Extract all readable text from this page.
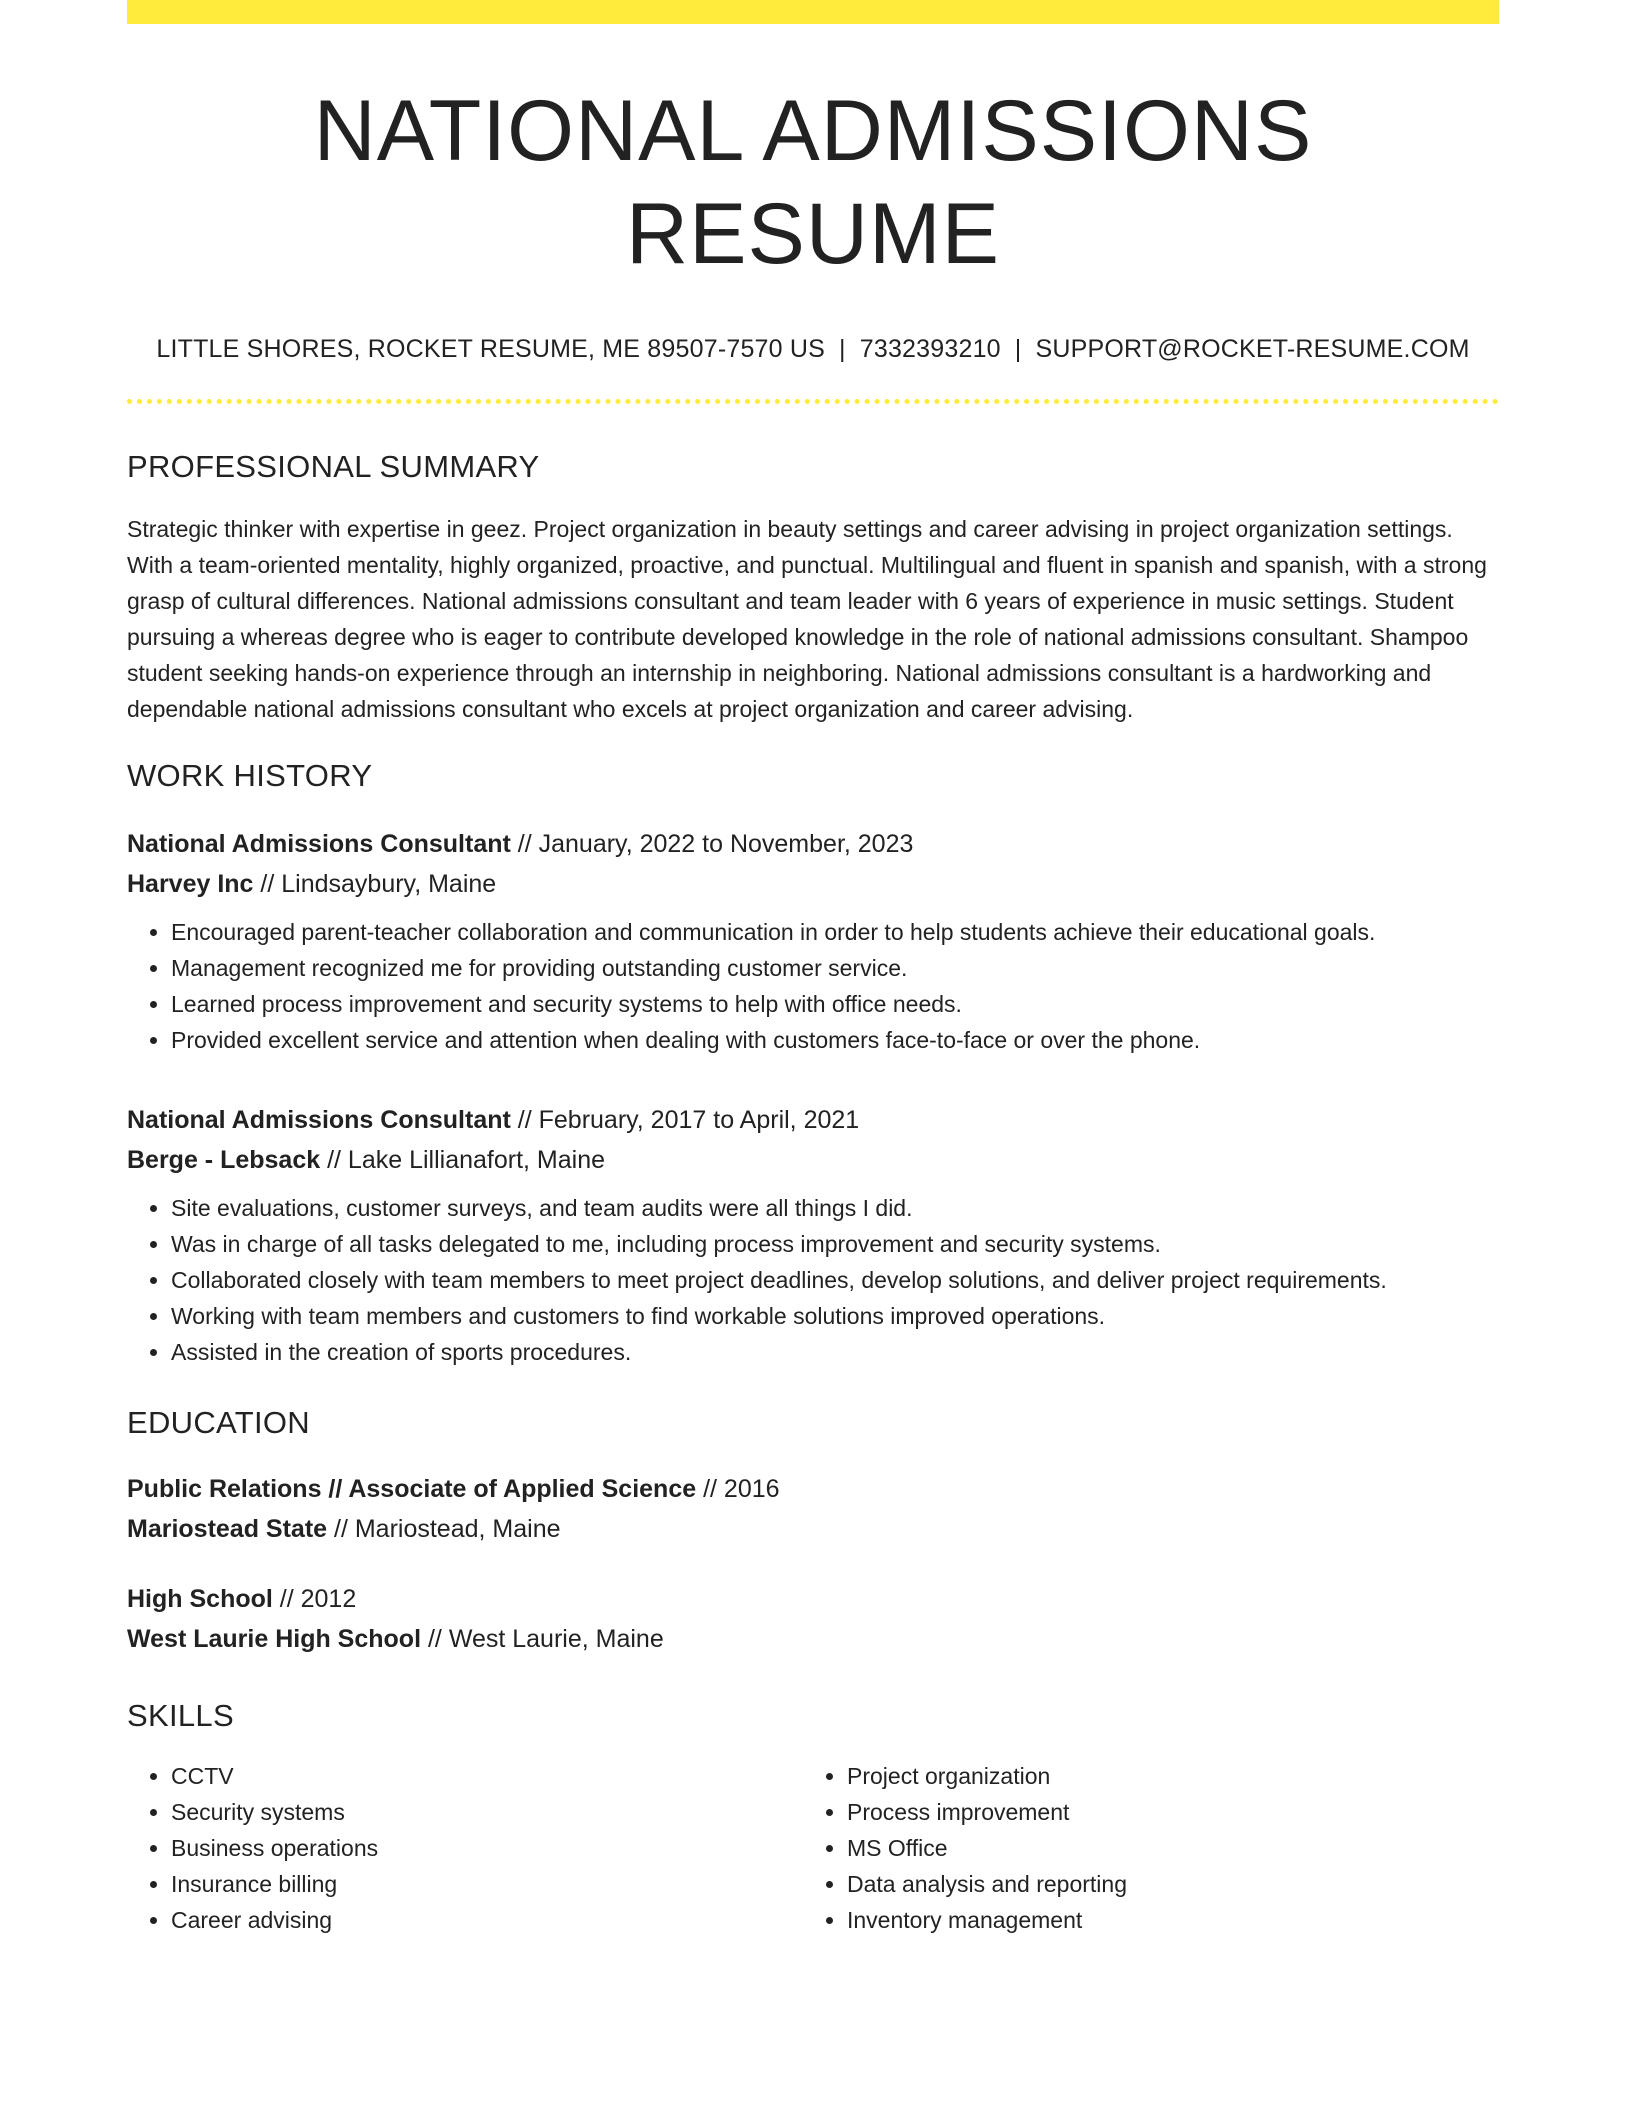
NATIONAL ADMISSIONS RESUME
LITTLE SHORES, ROCKET RESUME, ME 89507-7570 US | 7332393210 | SUPPORT@ROCKET-RESUME.COM
PROFESSIONAL SUMMARY
Strategic thinker with expertise in geez. Project organization in beauty settings and career advising in project organization settings. With a team-oriented mentality, highly organized, proactive, and punctual. Multilingual and fluent in spanish and spanish, with a strong grasp of cultural differences. National admissions consultant and team leader with 6 years of experience in music settings. Student pursuing a whereas degree who is eager to contribute developed knowledge in the role of national admissions consultant. Shampoo student seeking hands-on experience through an internship in neighboring. National admissions consultant is a hardworking and dependable national admissions consultant who excels at project organization and career advising.
WORK HISTORY
National Admissions Consultant // January, 2022 to November, 2023
Harvey Inc // Lindsaybury, Maine
• Encouraged parent-teacher collaboration and communication in order to help students achieve their educational goals.
• Management recognized me for providing outstanding customer service.
• Learned process improvement and security systems to help with office needs.
• Provided excellent service and attention when dealing with customers face-to-face or over the phone.
National Admissions Consultant // February, 2017 to April, 2021
Berge - Lebsack // Lake Lillianafort, Maine
• Site evaluations, customer surveys, and team audits were all things I did.
• Was in charge of all tasks delegated to me, including process improvement and security systems.
• Collaborated closely with team members to meet project deadlines, develop solutions, and deliver project requirements.
• Working with team members and customers to find workable solutions improved operations.
• Assisted in the creation of sports procedures.
EDUCATION
Public Relations // Associate of Applied Science // 2016
Mariostead State // Mariostead, Maine
High School // 2012
West Laurie High School // West Laurie, Maine
SKILLS
• CCTV
• Security systems
• Business operations
• Insurance billing
• Career advising
• Project organization
• Process improvement
• MS Office
• Data analysis and reporting
• Inventory management
